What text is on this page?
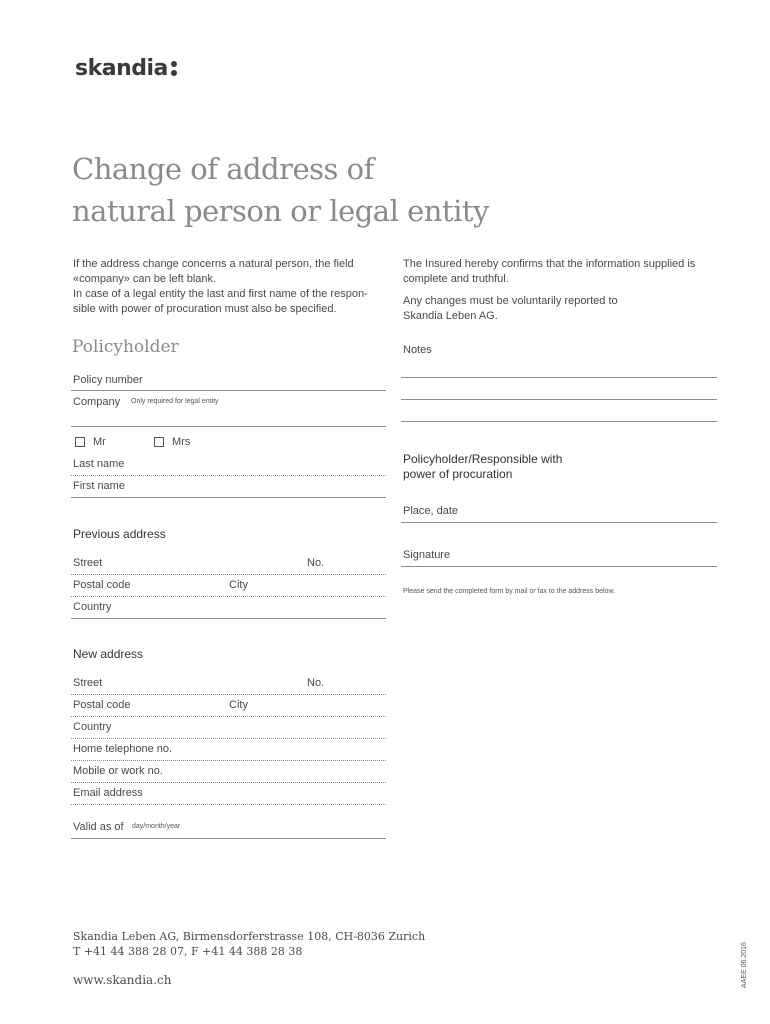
skandia
Change of address of
natural person or legal entity
If the address change concerns a natural person, the field
«company» can be left blank.
In case of a legal entity the last and first name of the respon-
sible with power of procuration must also be specified.
The Insured hereby confirms that the information supplied is
complete and truthful.
Any changes must be voluntarily reported to
Skandia Leben AG.
Policyholder	Notes
Policy number
Company Only required for legal entity
Mr	Mrs
Last name
First name
Policyholder/Responsible with
power of procuration
Place, date
Signature
Please send the completed form by mail or fax to the address below.
Previous address
Street	No.
Postal code	City
Country
New address
Street	No.
Postal code	City
Country
Home telephone no.
Mobile or work no.
Email address
Valid as of day/month/year
Skandia Leben AG, Birmensdorferstrasse 108, CH-8036 Zurich
T +41 44 388 28 07, F +41 44 388 28 38
www.skandia.ch	AAEE 06.2016
